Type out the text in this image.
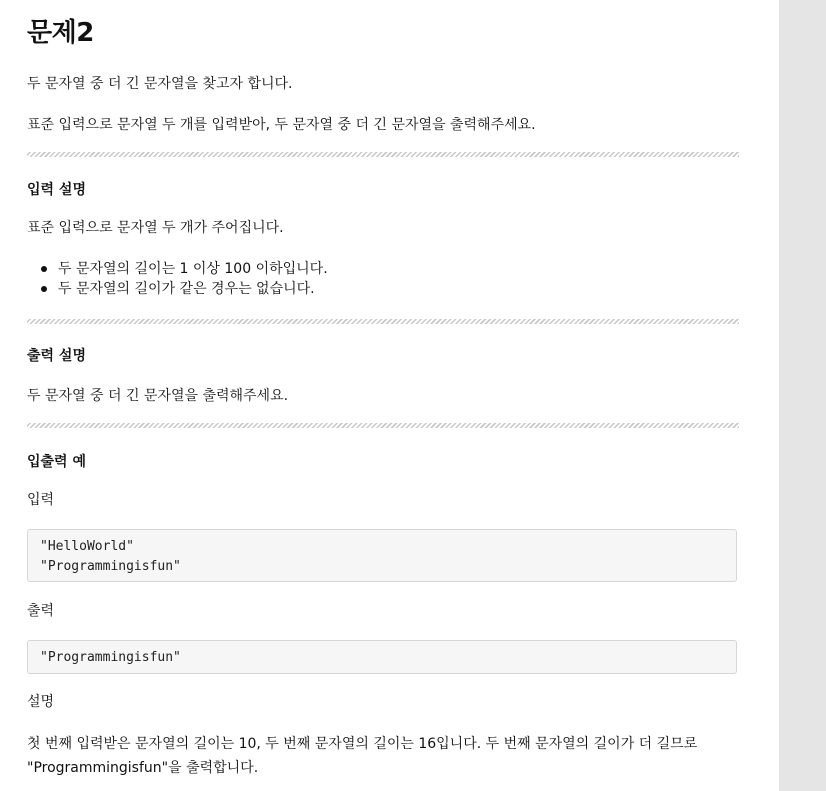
문제2

두 문자열 중 더 긴 문자열을 찾고자 합니다.

표준 입력으로 문자열 두 개를 입력받아, 두 문자열 중 더 긴 문자열을 출력해주세요.

입력 설명

표준 입력으로 문자열 두 개가 주어집니다.

두 문자열의 길이는 1 이상 100 이하입니다.
두 문자열의 길이가 같은 경우는 없습니다.
출력 설명

두 문자열 중 더 긴 문자열을 출력해주세요.

입출력 예

입력

"HelloWorld"
"Programmingisfun"

출력

"Programmingisfun"

설명

첫 번째 입력받은 문자열의 길이는 10, 두 번째 문자열의 길이는 16입니다. 두 번째 문자열의 길이가 더 길므로
"Programmingisfun"을 출력합니다.
